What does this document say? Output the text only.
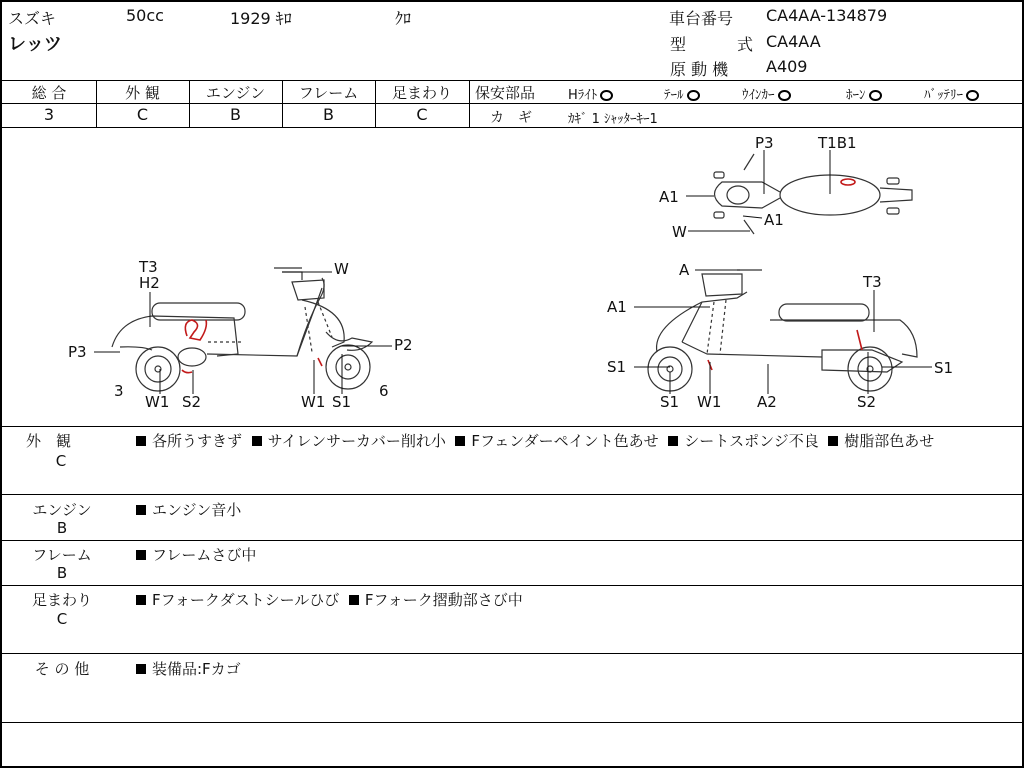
スズキ	50cc	1929 ｷﾛ	ｸﾛ
レッツ
車台番号 CA4AA-134879
型	式 CA4AA
原 動 機 A409
総 合	外 観	エンジン	フレーム	足まわり
3	C	B	B	C
保安部品	Hﾗｲﾄ	ﾃｰﾙ	ｳｲﾝｶｰ	ﾎｰﾝ	ﾊﾞｯﾃﾘｰ
カ　ギ	ｶｷﾞ 1 ｼｬｯﾀｰｷｰ1
T3
H2
W
P3	P2
3	6
W1 S2	W1 S1
P3	T1B1
A1
A1
W
A
T3
A1
S1	S1
S1 W1 A2	S2
外　観
C
各所うすきず サイレンサーカバー削れ小 Fフェンダーペイント色あせ シートスポンジ不良 樹脂部色あせ
エンジン
B
エンジン音小
フレーム
B
フレームさび中
足まわり
C
Fフォークダストシールひび Fフォーク摺動部さび中
そ の 他	装備品:Fカゴ
